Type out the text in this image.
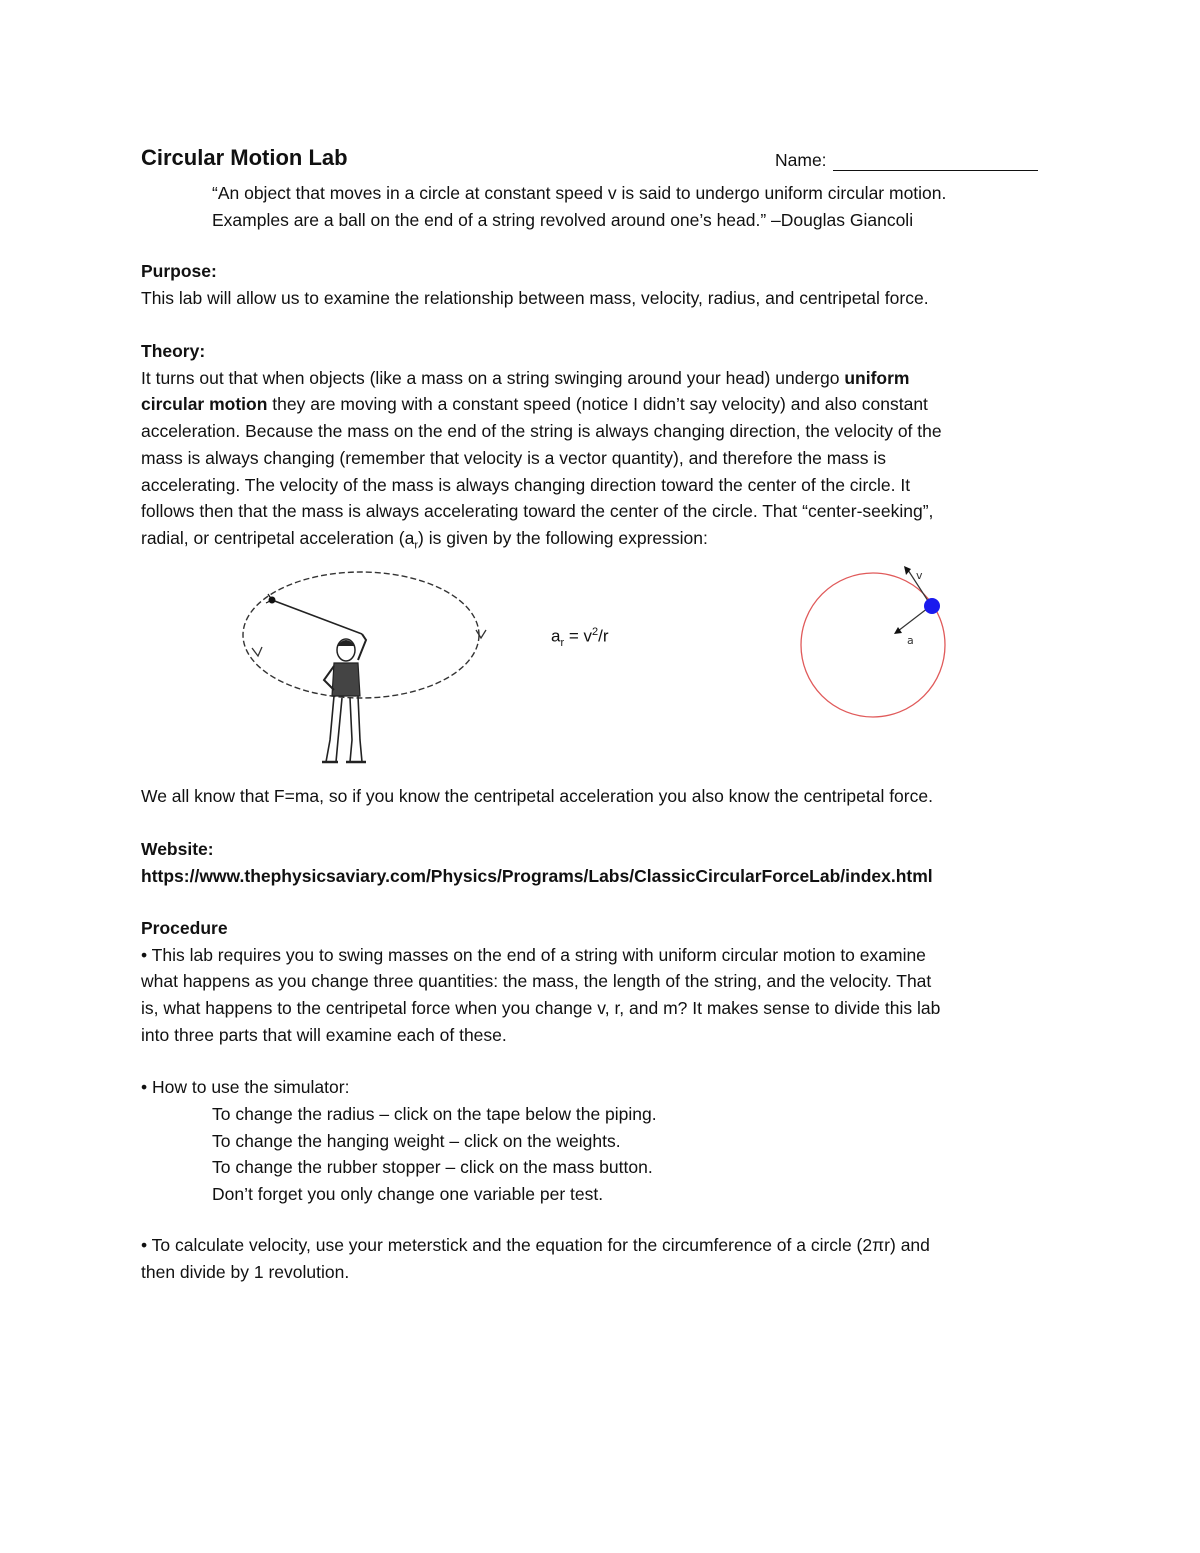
Circular Motion Lab	Name:
“An object that moves in a circle at constant speed v is said to undergo uniform circular motion.
Examples are a ball on the end of a string revolved around one’s head.” –Douglas Giancoli
Purpose:
This lab will allow us to examine the relationship between mass, velocity, radius, and centripetal force.
Theory:
It turns out that when objects (like a mass on a string swinging around your head) undergo uniform
circular motion they are moving with a constant speed (notice I didn’t say velocity) and also constant
acceleration. Because the mass on the end of the string is always changing direction, the velocity of the
mass is always changing (remember that velocity is a vector quantity), and therefore the mass is
accelerating. The velocity of the mass is always changing direction toward the center of the circle. It
follows then that the mass is always accelerating toward the center of the circle. That “center-seeking”,
radial, or centripetal acceleration $(a_r)$ is given by the following expression:
$a_r = v^2/r$
v
a
We all know that F=ma, so if you know the centripetal acceleration you also know the centripetal force.
Website:
https://www.thephysicsaviary.com/Physics/Programs/Labs/ClassicCircularForceLab/index.html
Procedure
• This lab requires you to swing masses on the end of a string with uniform circular motion to examine
what happens as you change three quantities: the mass, the length of the string, and the velocity. That
is, what happens to the centripetal force when you change v, r, and m? It makes sense to divide this lab
into three parts that will examine each of these.
• How to use the simulator:
To change the radius – click on the tape below the piping.
To change the hanging weight – click on the weights.
To change the rubber stopper – click on the mass button.
Don’t forget you only change one variable per test.
• To calculate velocity, use your meterstick and the equation for the circumference of a circle (2πr) and
then divide by 1 revolution.
